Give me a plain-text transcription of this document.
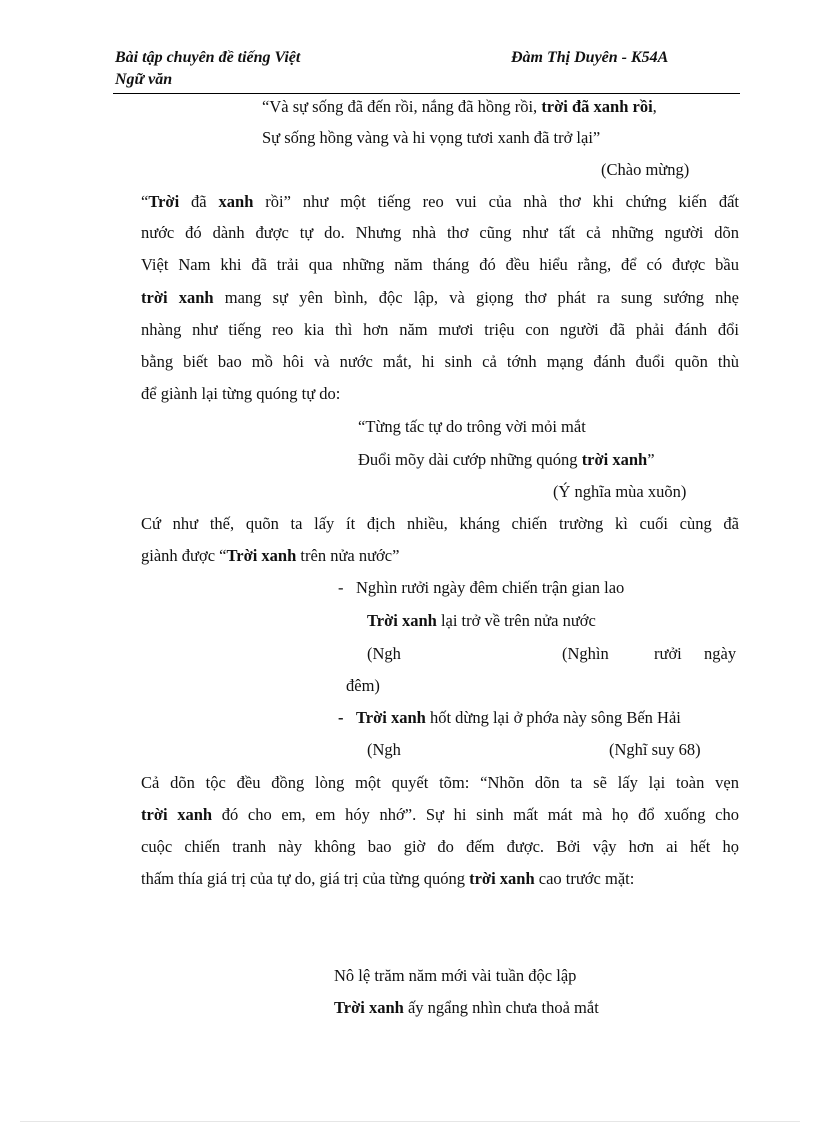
Bài tập chuyên đề tiếng Việt
Ngữ văn
Đàm Thị Duyên - K54A
“Và sự sống đã đến rồi, nắng đã hồng rồi, trời đã xanh rồi,
Sự sống hồng vàng và hi vọng tươi xanh đã trở lại”
(Chào mừng)
“Trời đã xanh rồi” như một tiếng reo vui của nhà thơ khi chứng kiến đất
nước đó dành được tự do. Nhưng nhà thơ cũng như tất cả những người dõn
Việt Nam khi đã trải qua những năm tháng đó đều hiểu rằng, để có được bầu
trời xanh mang sự yên bình, độc lập, và giọng thơ phát ra sung sướng nhẹ
nhàng như tiếng reo kia thì hơn năm mươi triệu con người đã phải đánh đổi
bằng biết bao mồ hôi và nước mắt, hi sinh cả tớnh mạng đánh đuổi quõn thù
để giành lại từng quóng tự do:
“Từng tấc tự do trông vời mỏi mắt
Đuổi mõy dài cướp những quóng trời xanh”
(Ý nghĩa mùa xuõn)
Cứ như thế, quõn ta lấy ít địch nhiều, kháng chiến trường kì cuối cùng đã
giành được “Trời xanh trên nửa nước”
- Nghìn rưởi ngày đêm chiến trận gian lao
Trời xanh lại trở về trên nửa nước
(Ngh	(Nghìn	rưởi ngày
đêm)
- Trời xanh hốt dừng lại ở phớa này sông Bến Hải
(Ngh	(Nghĩ suy 68)
Cả dõn tộc đều đồng lòng một quyết tõm: “Nhõn dõn ta sẽ lấy lại toàn vẹn
trời xanh đó cho em, em hóy nhớ”. Sự hi sinh mất mát mà họ đổ xuống cho
cuộc chiến tranh này không bao giờ đo đếm được. Bởi vậy hơn ai hết họ
thấm thía giá trị của tự do, giá trị của từng quóng trời xanh cao trước mặt:
Nô lệ trăm năm mới vài tuần độc lập
Trời xanh ấy ngẩng nhìn chưa thoả mắt
